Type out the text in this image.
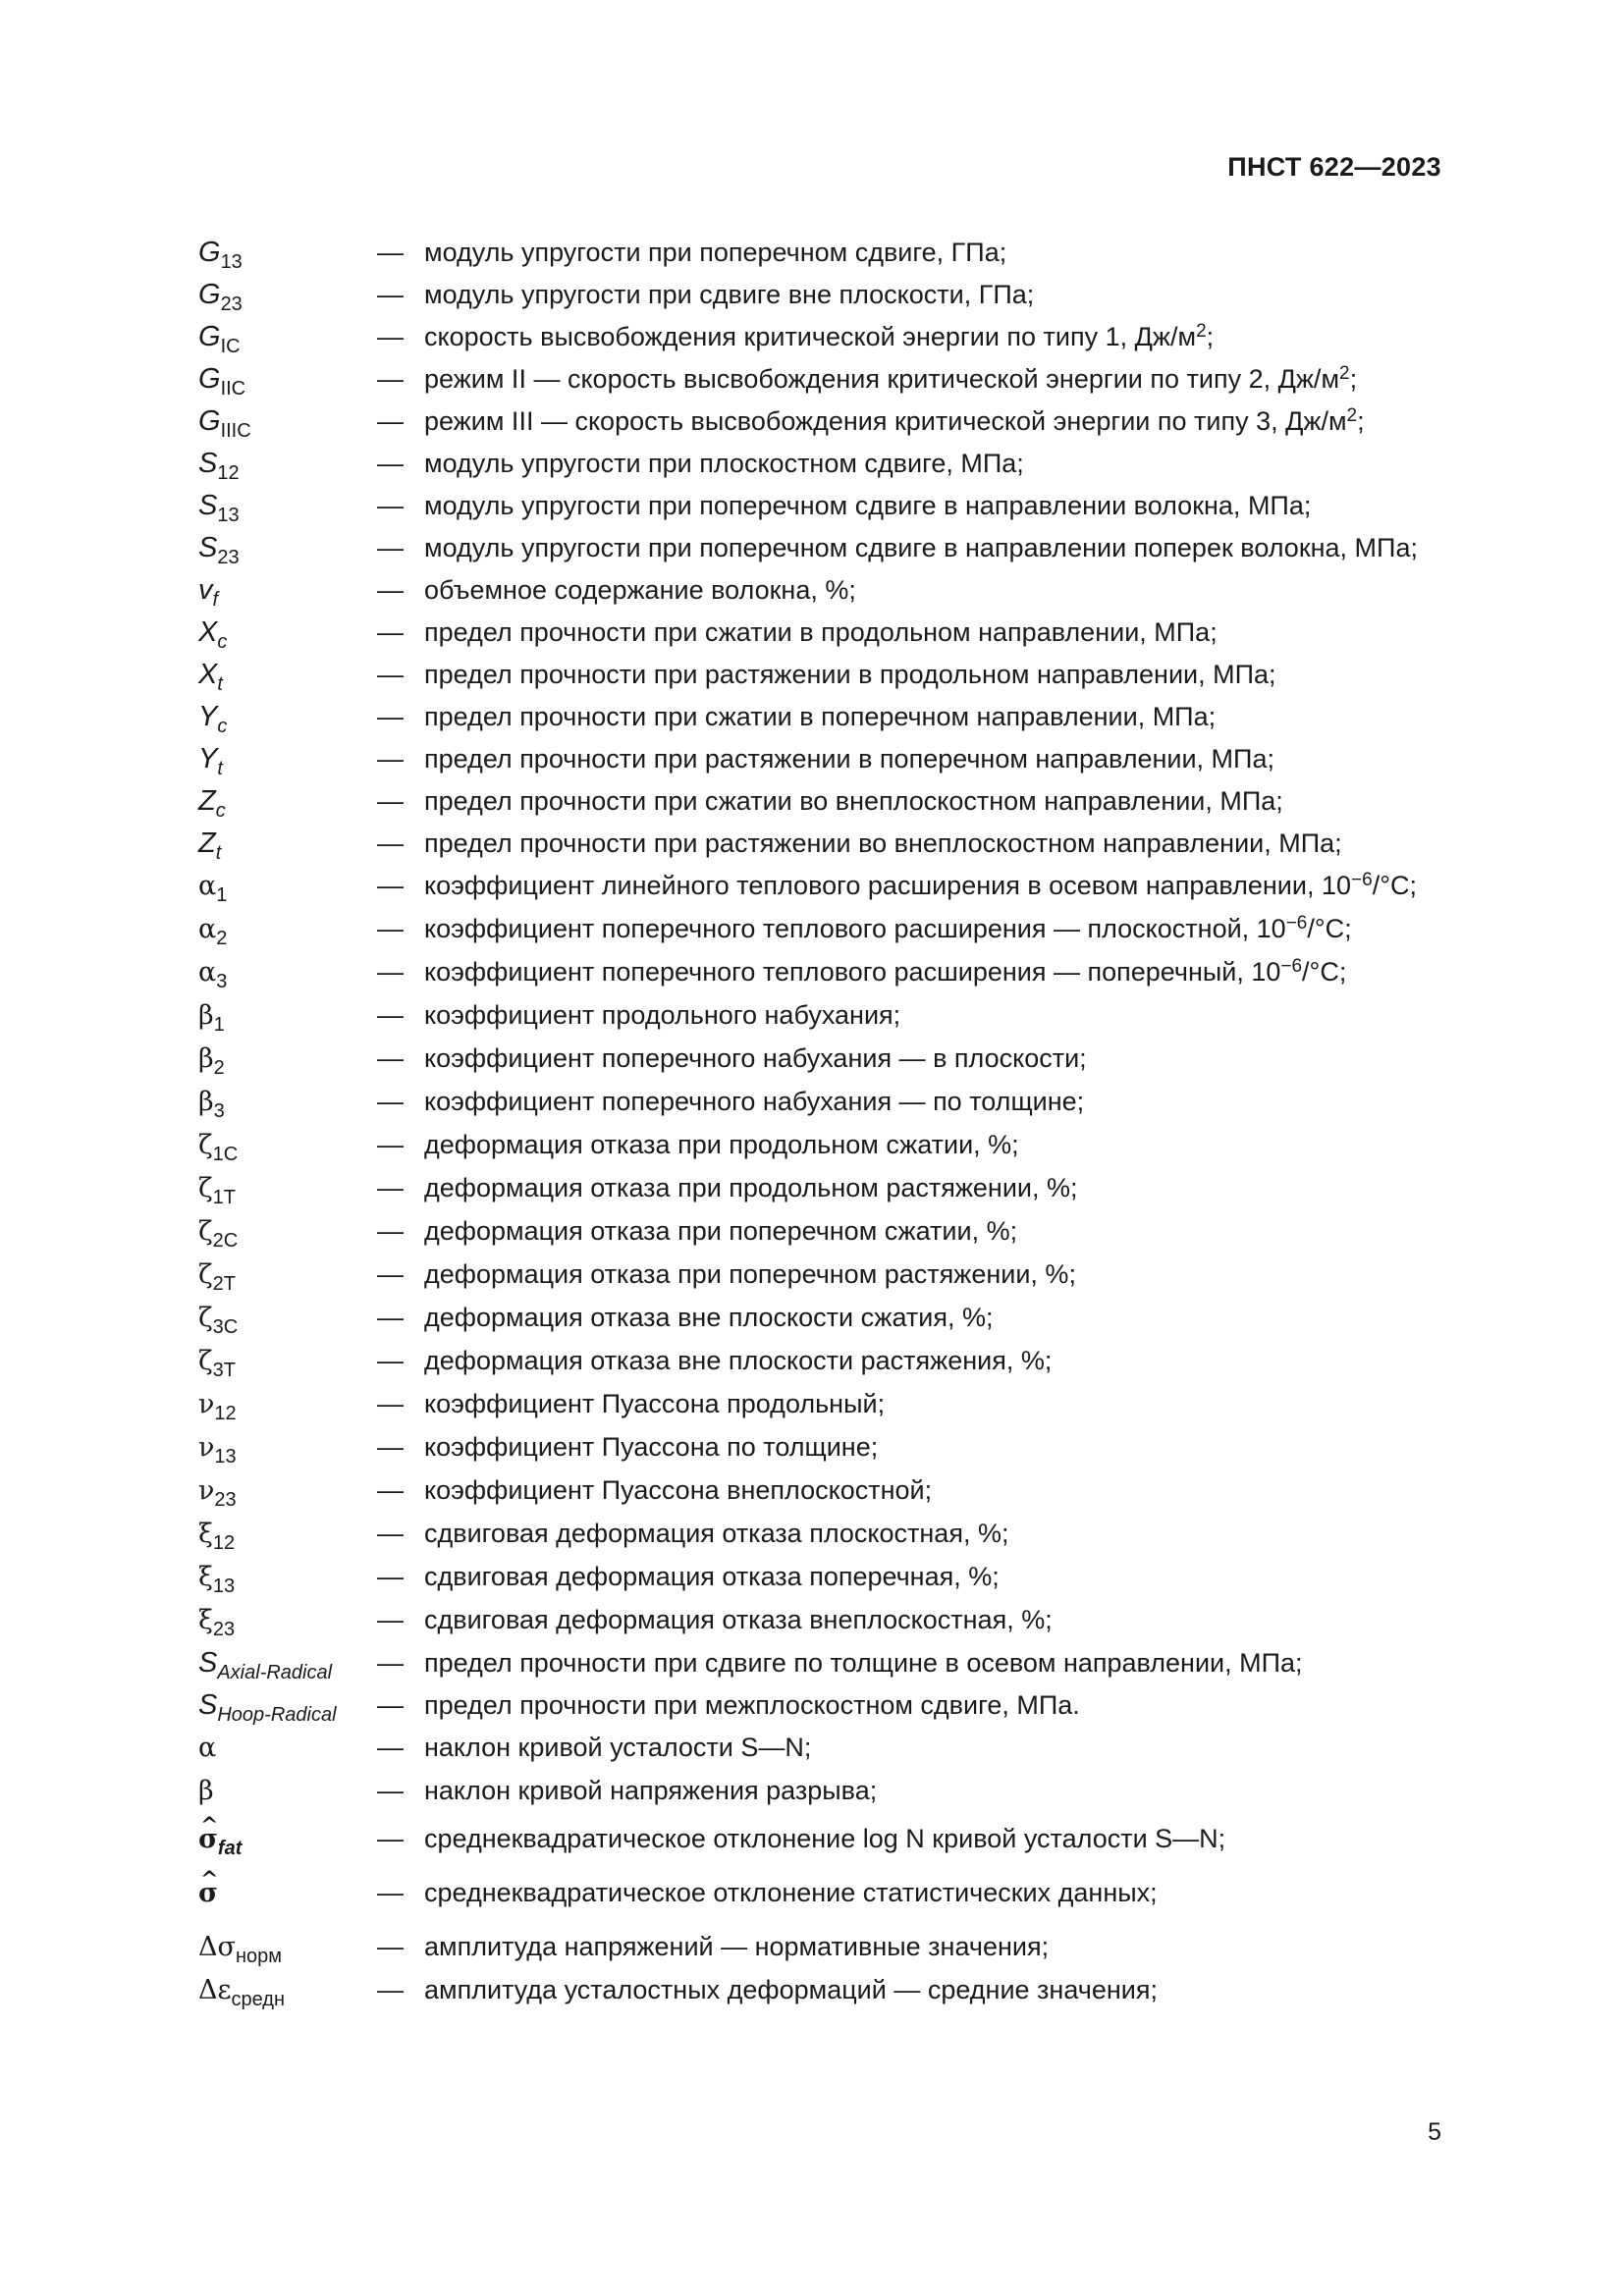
ПНСТ 622—2023
$G_{13}$	— модуль упругости при поперечном сдвиге, ГПа;
$G_{23}$	— модуль упругости при сдвиге вне плоскости, ГПа;
$G_{IC}$	— скорость высвобождения критической энергии по типу 1, $Дж/м^2$;
$G_{IIC}$	— режим II — скорость высвобождения критической энергии по типу 2, $Дж/м^2$;
$G_{IIIC}$	— режим III — скорость высвобождения критической энергии по типу 3, $Дж/м^2$;
$S_{12}$	— модуль упругости при плоскостном сдвиге, МПа;
$S_{13}$	— модуль упругости при поперечном сдвиге в направлении волокна, МПа;
$S_{23}$	— модуль упругости при поперечном сдвиге в направлении поперек волокна, МПа;
$v_f$	— объемное содержание волокна, %;
$X_c$	— предел прочности при сжатии в продольном направлении, МПа;
$X_t$	— предел прочности при растяжении в продольном направлении, МПа;
$Y_c$	— предел прочности при сжатии в поперечном направлении, МПа;
$Y_t$	— предел прочности при растяжении в поперечном направлении, МПа;
$Z_c$	— предел прочности при сжатии во внеплоскостном направлении, МПа;
$Z_t$	— предел прочности при растяжении во внеплоскостном направлении, МПа;
$\alpha_1$	— коэффициент линейного теплового расширения в осевом направлении, $10^{-6}/^\circ C$;
$\alpha_2$	— коэффициент поперечного теплового расширения — плоскостной, $10^{-6}/^\circ C$;
$\alpha_3$	— коэффициент поперечного теплового расширения — поперечный, $10^{-6}/^\circ C$;
$\beta_1$	— коэффициент продольного набухания;
$\beta_2$	— коэффициент поперечного набухания — в плоскости;
$\beta_3$	— коэффициент поперечного набухания — по толщине;
$\zeta_{1C}$	— деформация отказа при продольном сжатии, %;
$\zeta_{1T}$	— деформация отказа при продольном растяжении, %;
$\zeta_{2C}$	— деформация отказа при поперечном сжатии, %;
$\zeta_{2T}$	— деформация отказа при поперечном растяжении, %;
$\zeta_{3C}$	— деформация отказа вне плоскости сжатия, %;
$\zeta_{3T}$	— деформация отказа вне плоскости растяжения, %;
$\nu_{12}$	— коэффициент Пуассона продольный;
$\nu_{13}$	— коэффициент Пуассона по толщине;
$\nu_{23}$	— коэффициент Пуассона внеплоскостной;
$\xi_{12}$	— сдвиговая деформация отказа плоскостная, %;
$\xi_{13}$	— сдвиговая деформация отказа поперечная, %;
$\xi_{23}$	— сдвиговая деформация отказа внеплоскостная, %;
$S_{Axial-Radical}$	— предел прочности при сдвиге по толщине в осевом направлении, МПа;
$S_{Hoop-Radical}$	— предел прочности при межплоскостном сдвиге, МПа.
α	— наклон кривой усталости S—N;
β	— наклон кривой напряжения разрыва;
^ $\sigma_{fat}$	— среднеквадратическое отклонение log N кривой усталости S—N;
^ σ	— среднеквадратическое отклонение статистических данных;
$\Delta\sigma_{норм}$	— амплитуда напряжений — нормативные значения;
$\Delta\varepsilon_{средн}$	— амплитуда усталостных деформаций — средние значения;
5
